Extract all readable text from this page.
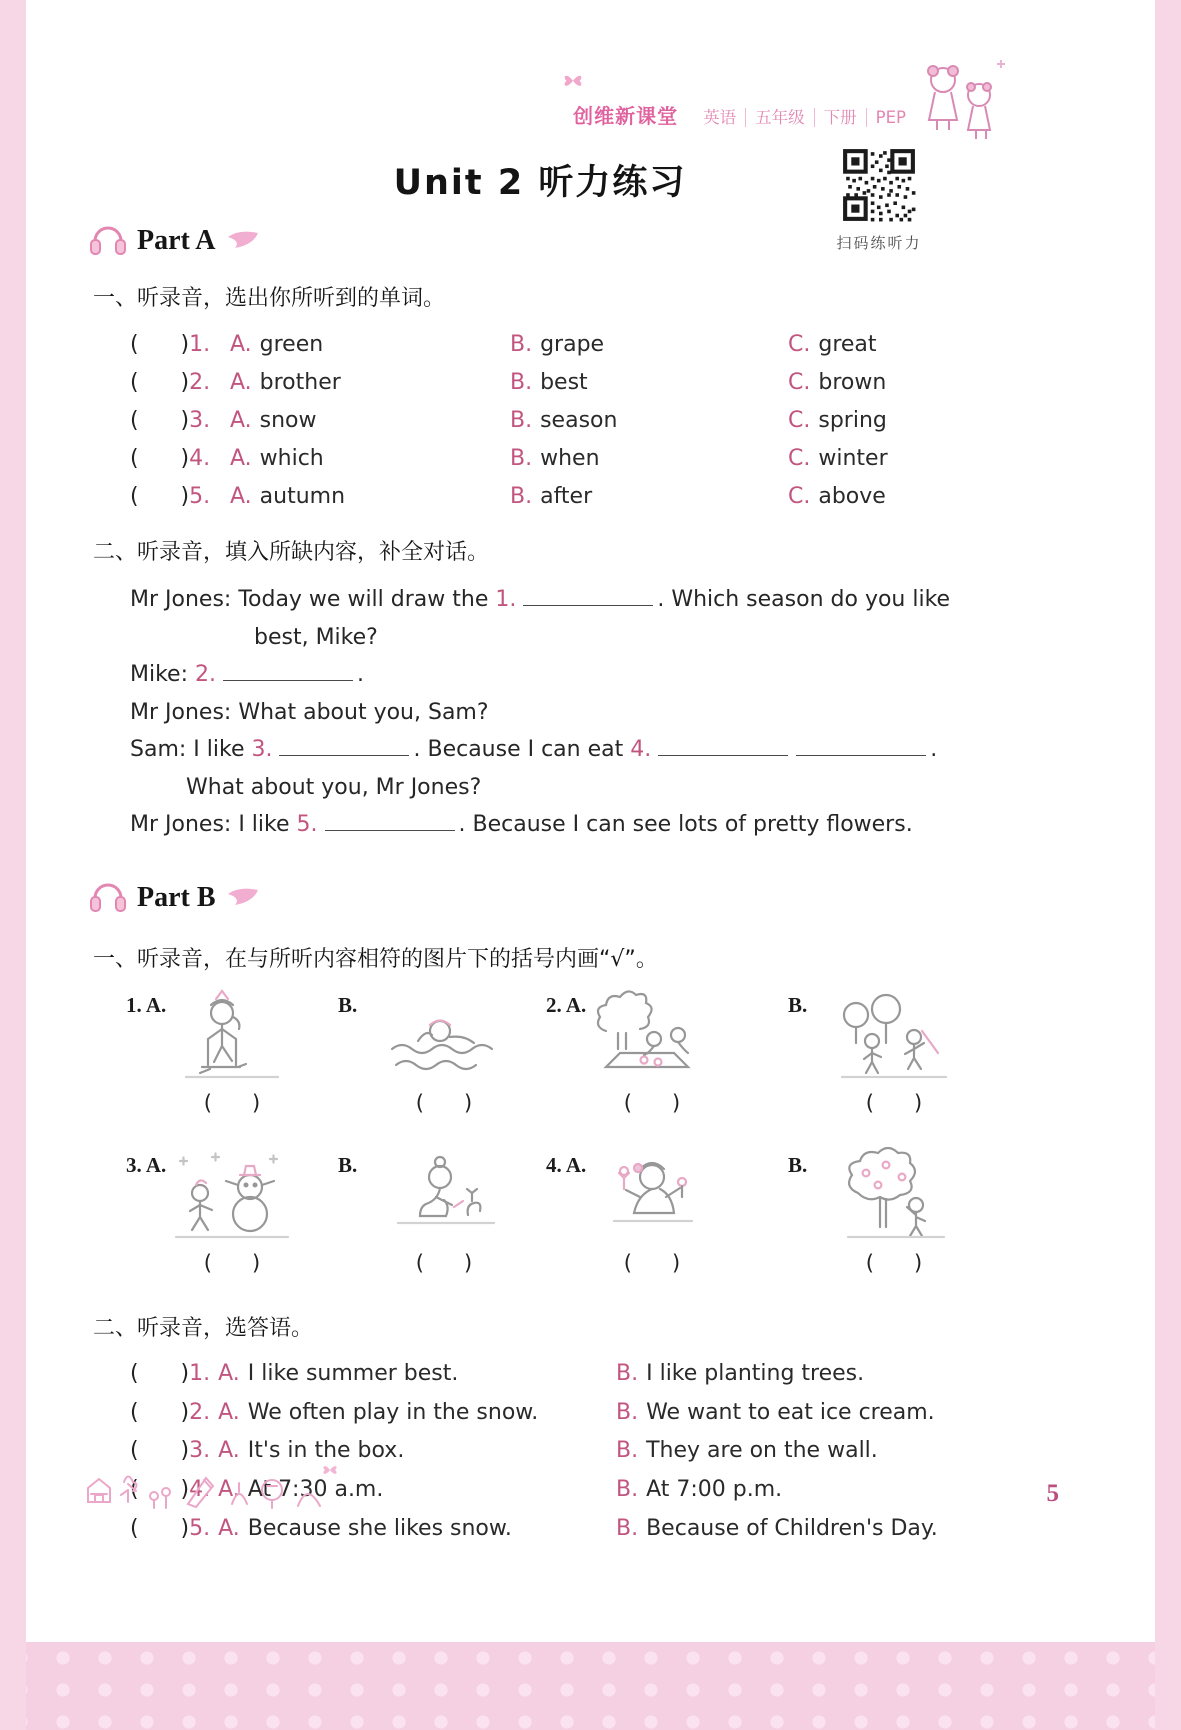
创维新课堂 英语 五年级 下册 PEP
Unit 2 听力练习
扫码练听力
Part A
一、听录音，选出你所听到的单词。
(      )1. A. green	B. grape	C. great
(      )2. A. brother	B. best	C. brown
(      )3. A. snow	B. season	C. spring
(      )4. A. which	B. when	C. winter
(      )5. A. autumn	B. after	C. above
二、听录音，填入所缺内容，补全对话。
Mr Jones: Today we will draw the 1.	. Which season do you like
best, Mike?
Mike: 2.	.
Mr Jones: What about you, Sam?
Sam: I like 3.	. Because I can eat 4.	.
What about you, Mr Jones?
Mr Jones: I like 5.	. Because I can see lots of pretty flowers.
Part B
一、听录音，在与所听内容相符的图片下的括号内画“√”。
1. A.
(      )
B.
(      )
2. A.
(      )
B.
(      )
3. A.
(      )
B.
(      )
4. A.
(      )
B.
(      )
二、听录音，选答语。
(      )1. A. I like summer best.	B. I like planting trees.
(      )2. A. We often play in the snow.	B. We want to eat ice cream.
(      )3. A. It's in the box.	B. They are on the wall.
(      )4. A. At 7:30 a.m.	B. At 7:00 p.m.
(      )5. A. Because she likes snow.	B. Because of Children's Day.
5
